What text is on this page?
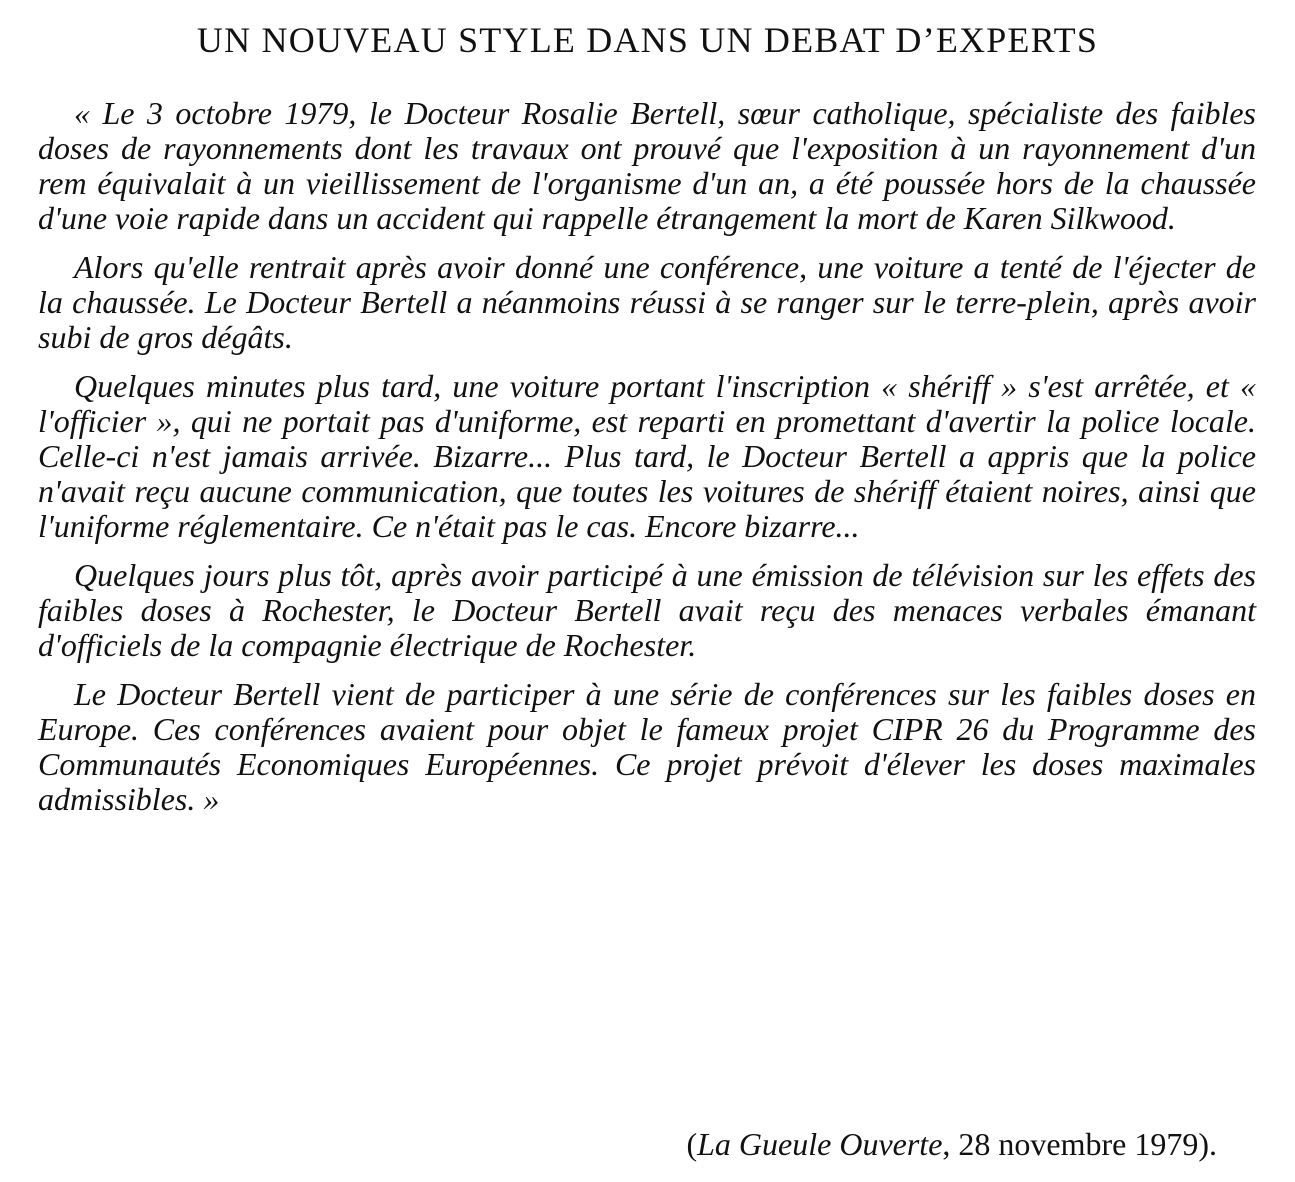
UN NOUVEAU STYLE DANS UN DEBAT D’EXPERTS

« Le 3 octobre 1979, le Docteur Rosalie Bertell, sœur catholique, spécialiste des faibles doses de rayonnements dont les travaux ont prouvé que l'exposition à un rayonnement d'un rem équivalait à un vieillissement de l'organisme d'un an, a été poussée hors de la chaussée d'une voie rapide dans un accident qui rappelle étrangement la mort de Karen Silkwood.

Alors qu'elle rentrait après avoir donné une conférence, une voiture a tenté de l'éjecter de la chaussée. Le Docteur Bertell a néanmoins réussi à se ranger sur le terre-plein, après avoir subi de gros dégâts.

Quelques minutes plus tard, une voiture portant l'inscription « shériff » s'est arrêtée, et « l'officier », qui ne portait pas d'uniforme, est reparti en promettant d'avertir la police locale. Celle-ci n'est jamais arrivée. Bizarre... Plus tard, le Docteur Bertell a appris que la police n'avait reçu aucune communication, que toutes les voitures de shériff étaient noires, ainsi que l'uniforme réglementaire. Ce n'était pas le cas. Encore bizarre...

Quelques jours plus tôt, après avoir participé à une émission de télévision sur les effets des faibles doses à Rochester, le Docteur Bertell avait reçu des menaces verbales émanant d'officiels de la compagnie électrique de Rochester.

Le Docteur Bertell vient de participer à une série de conférences sur les faibles doses en Europe. Ces conférences avaient pour objet le fameux projet CIPR 26 du Programme des Communautés Economiques Européennes. Ce projet prévoit d'élever les doses maximales admissibles. »

(La Gueule Ouverte, 28 novembre 1979).
